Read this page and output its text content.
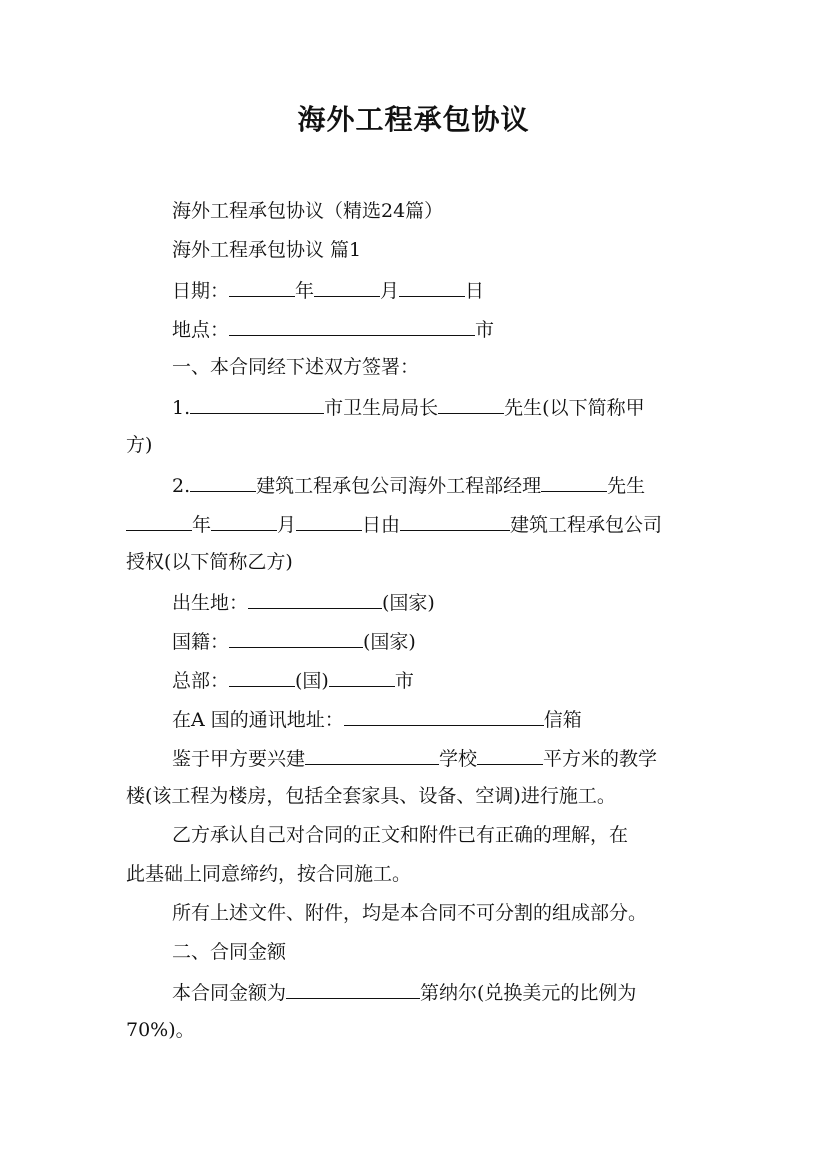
海外工程承包协议
海外工程承包协议（精选24篇）
海外工程承包协议 篇1
日期：	年	月	日
地点：	市
一、本合同经下述双方签署：
1.	市卫生局局长	先生(以下简称甲
方)
2.	建筑工程承包公司海外工程部经理	先生
年	月	日由	建筑工程承包公司
授权(以下简称乙方)
出生地：	(国家)
国籍：	(国家)
总部：	(国)	市
在A 国的通讯地址：	信箱
鉴于甲方要兴建	学校	平方米的教学
楼(该工程为楼房，包括全套家具、设备、空调)进行施工。
乙方承认自己对合同的正文和附件已有正确的理解，在
此基础上同意缔约，按合同施工。
所有上述文件、附件，均是本合同不可分割的组成部分。
二、合同金额
本合同金额为	第纳尔(兑换美元的比例为
70%)。
